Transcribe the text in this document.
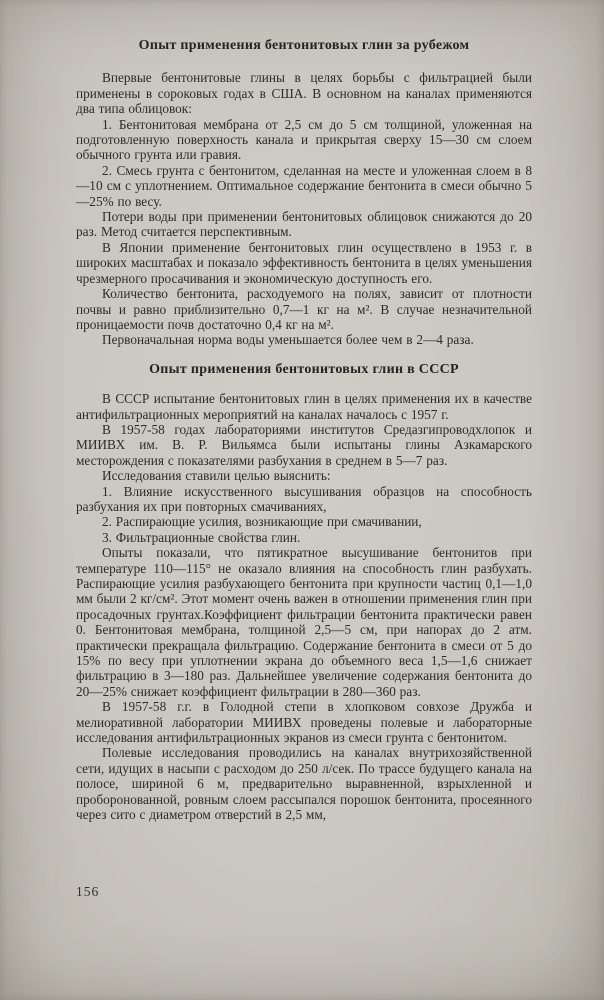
Опыт применения бентонитовых глин за рубежом

Впервые бентонитовые глины в целях борьбы с фильтрацией были применены в сороковых годах в США. В основном на каналах применяются два типа облицовок:

1. Бентонитовая мембрана от 2,5 см до 5 см толщиной, уложенная на подготовленную поверхность канала и прикрытая сверху 15—30 см слоем обычного грунта или гравия.

2. Смесь грунта с бентонитом, сделанная на месте и уложенная слоем в 8—10 см с уплотнением. Оптимальное содержание бентонита в смеси обычно 5—25% по весу.

Потери воды при применении бентонитовых облицовок снижаются до 20 раз. Метод считается перспективным.

В Японии применение бентонитовых глин осуществлено в 1953 г. в широких масштабах и показало эффективность бентонита в целях уменьшения чрезмерного просачивания и экономическую доступность его.

Количество бентонита, расходуемого на полях, зависит от плотности почвы и равно приблизительно 0,7—1 кг на м². В случае незначительной проницаемости почв достаточно 0,4 кг на м².

Первоначальная норма воды уменьшается более чем в 2—4 раза.

Опыт применения бентонитовых глин в СССР

В СССР испытание бентонитовых глин в целях применения их в качестве антифильтрационных мероприятий на каналах началось с 1957 г.

В 1957-58 годах лабораториями институтов Средазгипроводхлопок и МИИВХ им. В. Р. Вильямса были испытаны глины Азкамарского месторождения с показателями разбухания в среднем в 5—7 раз.

Исследования ставили целью выяснить:

1. Влияние искусственного высушивания образцов на способность разбухания их при повторных смачиваниях,

2. Распирающие усилия, возникающие при смачивании,

3. Фильтрационные свойства глин.

Опыты показали, что пятикратное высушивание бентонитов при температуре 110—115° не оказало влияния на способность глин разбухать. Распирающие усилия разбухающего бентонита при крупности частиц 0,1—1,0 мм были 2 кг/см². Этот момент очень важен в отношении применения глин при просадочных грунтах.Коэффициент фильтрации бентонита практически равен 0. Бентонитовая мембрана, толщиной 2,5—5 см, при напорах до 2 атм. практически прекращала фильтрацию. Содержание бентонита в смеси от 5 до 15% по весу при уплотнении экрана до объемного веса 1,5—1,6 снижает фильтрацию в 3—180 раз. Дальнейшее увеличение содержания бентонита до 20—25% снижает коэффициент фильтрации в 280—360 раз.

В 1957-58 г.г. в Голодной степи в хлопковом совхозе Дружба и мелиоративной лаборатории МИИВХ проведены полевые и лабораторные исследования антифильтрационных экранов из смеси грунта с бентонитом.

Полевые исследования проводились на каналах внутрихозяйственной сети, идущих в насыпи с расходом до 250 л/сек. По трассе будущего канала на полосе, шириной 6 м, предварительно выравненной, взрыхленной и проборонованной, ровным слоем рассыпался порошок бентонита, просеянного через сито с диаметром отверстий в 2,5 мм,

156
